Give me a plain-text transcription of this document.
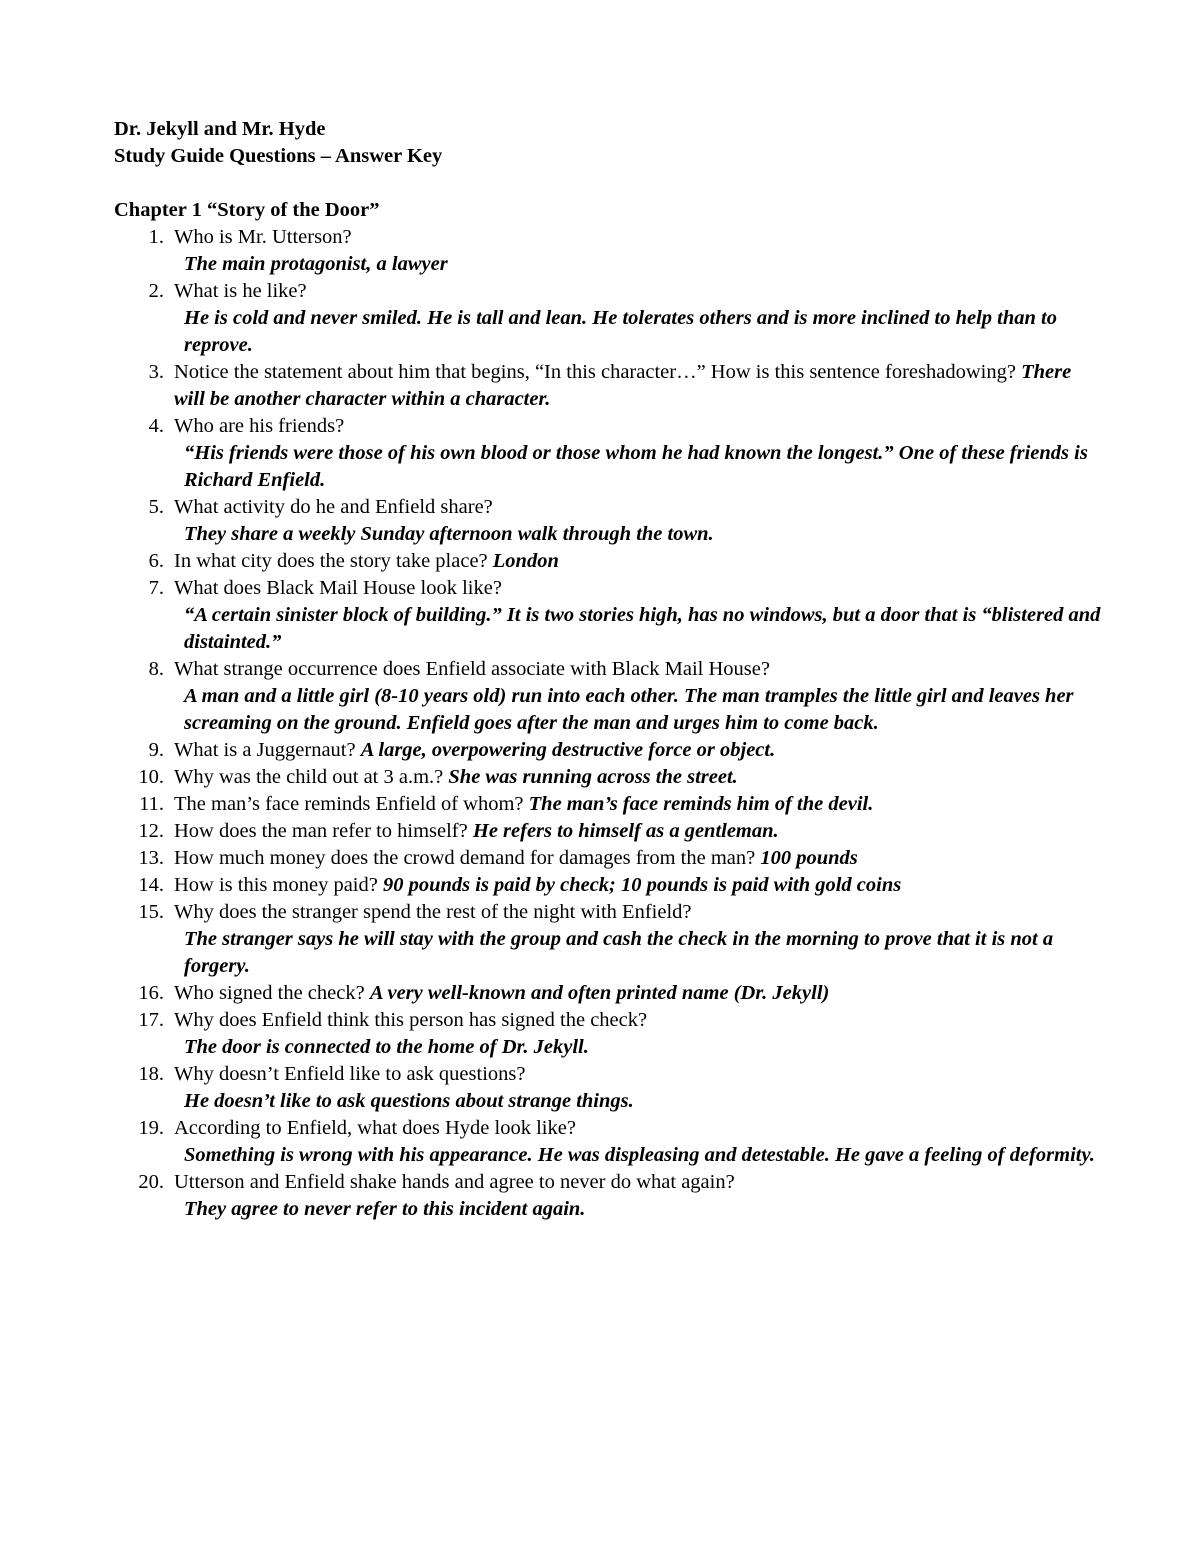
Dr. Jekyll and Mr. Hyde
Study Guide Questions – Answer Key
Chapter 1 “Story of the Door”
1. Who is Mr. Utterson?
The main protagonist, a lawyer
2. What is he like?
He is cold and never smiled. He is tall and lean. He tolerates others and is more inclined to help than to reprove.
3. Notice the statement about him that begins, “In this character…” How is this sentence foreshadowing? There will be another character within a character.
4. Who are his friends?
“His friends were those of his own blood or those whom he had known the longest.” One of these friends is Richard Enfield.
5. What activity do he and Enfield share?
They share a weekly Sunday afternoon walk through the town.
6. In what city does the story take place? London
7. What does Black Mail House look like?
“A certain sinister block of building.” It is two stories high, has no windows, but a door that is “blistered and distainted.”
8. What strange occurrence does Enfield associate with Black Mail House?
A man and a little girl (8-10 years old) run into each other. The man tramples the little girl and leaves her screaming on the ground. Enfield goes after the man and urges him to come back.
9. What is a Juggernaut? A large, overpowering destructive force or object.
10. Why was the child out at 3 a.m.? She was running across the street.
11. The man’s face reminds Enfield of whom? The man’s face reminds him of the devil.
12. How does the man refer to himself? He refers to himself as a gentleman.
13. How much money does the crowd demand for damages from the man? 100 pounds
14. How is this money paid? 90 pounds is paid by check; 10 pounds is paid with gold coins
15. Why does the stranger spend the rest of the night with Enfield?
The stranger says he will stay with the group and cash the check in the morning to prove that it is not a forgery.
16. Who signed the check? A very well-known and often printed name (Dr. Jekyll)
17. Why does Enfield think this person has signed the check?
The door is connected to the home of Dr. Jekyll.
18. Why doesn’t Enfield like to ask questions?
He doesn’t like to ask questions about strange things.
19. According to Enfield, what does Hyde look like?
Something is wrong with his appearance. He was displeasing and detestable. He gave a feeling of deformity.
20. Utterson and Enfield shake hands and agree to never do what again?
They agree to never refer to this incident again.
